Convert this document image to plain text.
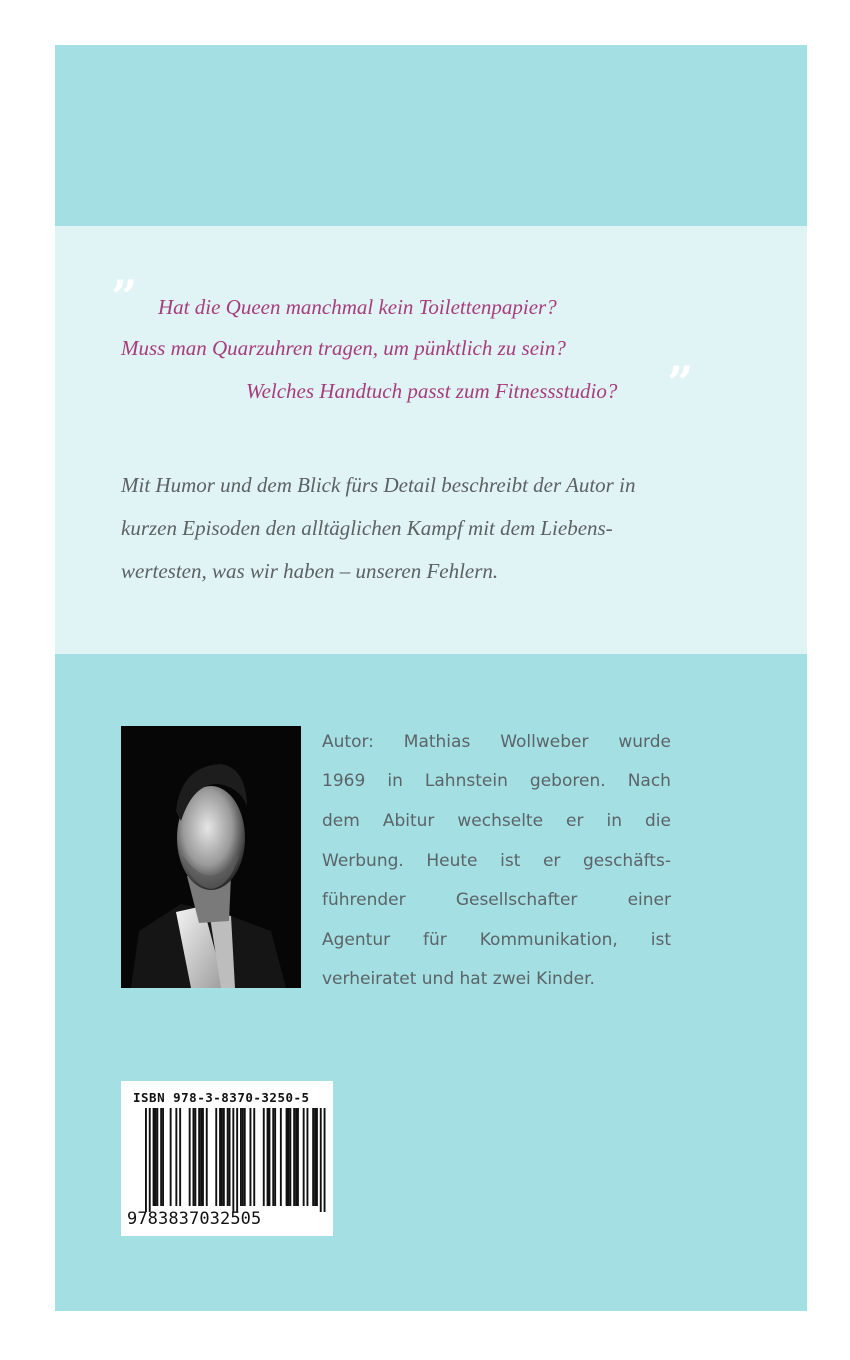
” Hat die Queen manchmal kein Toilettenpapier?
Muss man Quarzuhren tragen, um pünktlich zu sein?
Welches Handtuch passt zum Fitnessstudio? ”
Mit Humor und dem Blick fürs Detail beschreibt der Autor in
kurzen Episoden den alltäglichen Kampf mit dem Liebens-
wertesten, was wir haben – unseren Fehlern.
Autor: Mathias Wollweber wurde
1969 in Lahnstein geboren. Nach
dem Abitur wechselte er in die
Werbung. Heute ist er geschäfts-
führender	Gesellschafter	einer
Agentur für Kommunikation, ist
verheiratet und hat zwei Kinder.
ISBN 978-3-8370-3250-5
9783837032505
